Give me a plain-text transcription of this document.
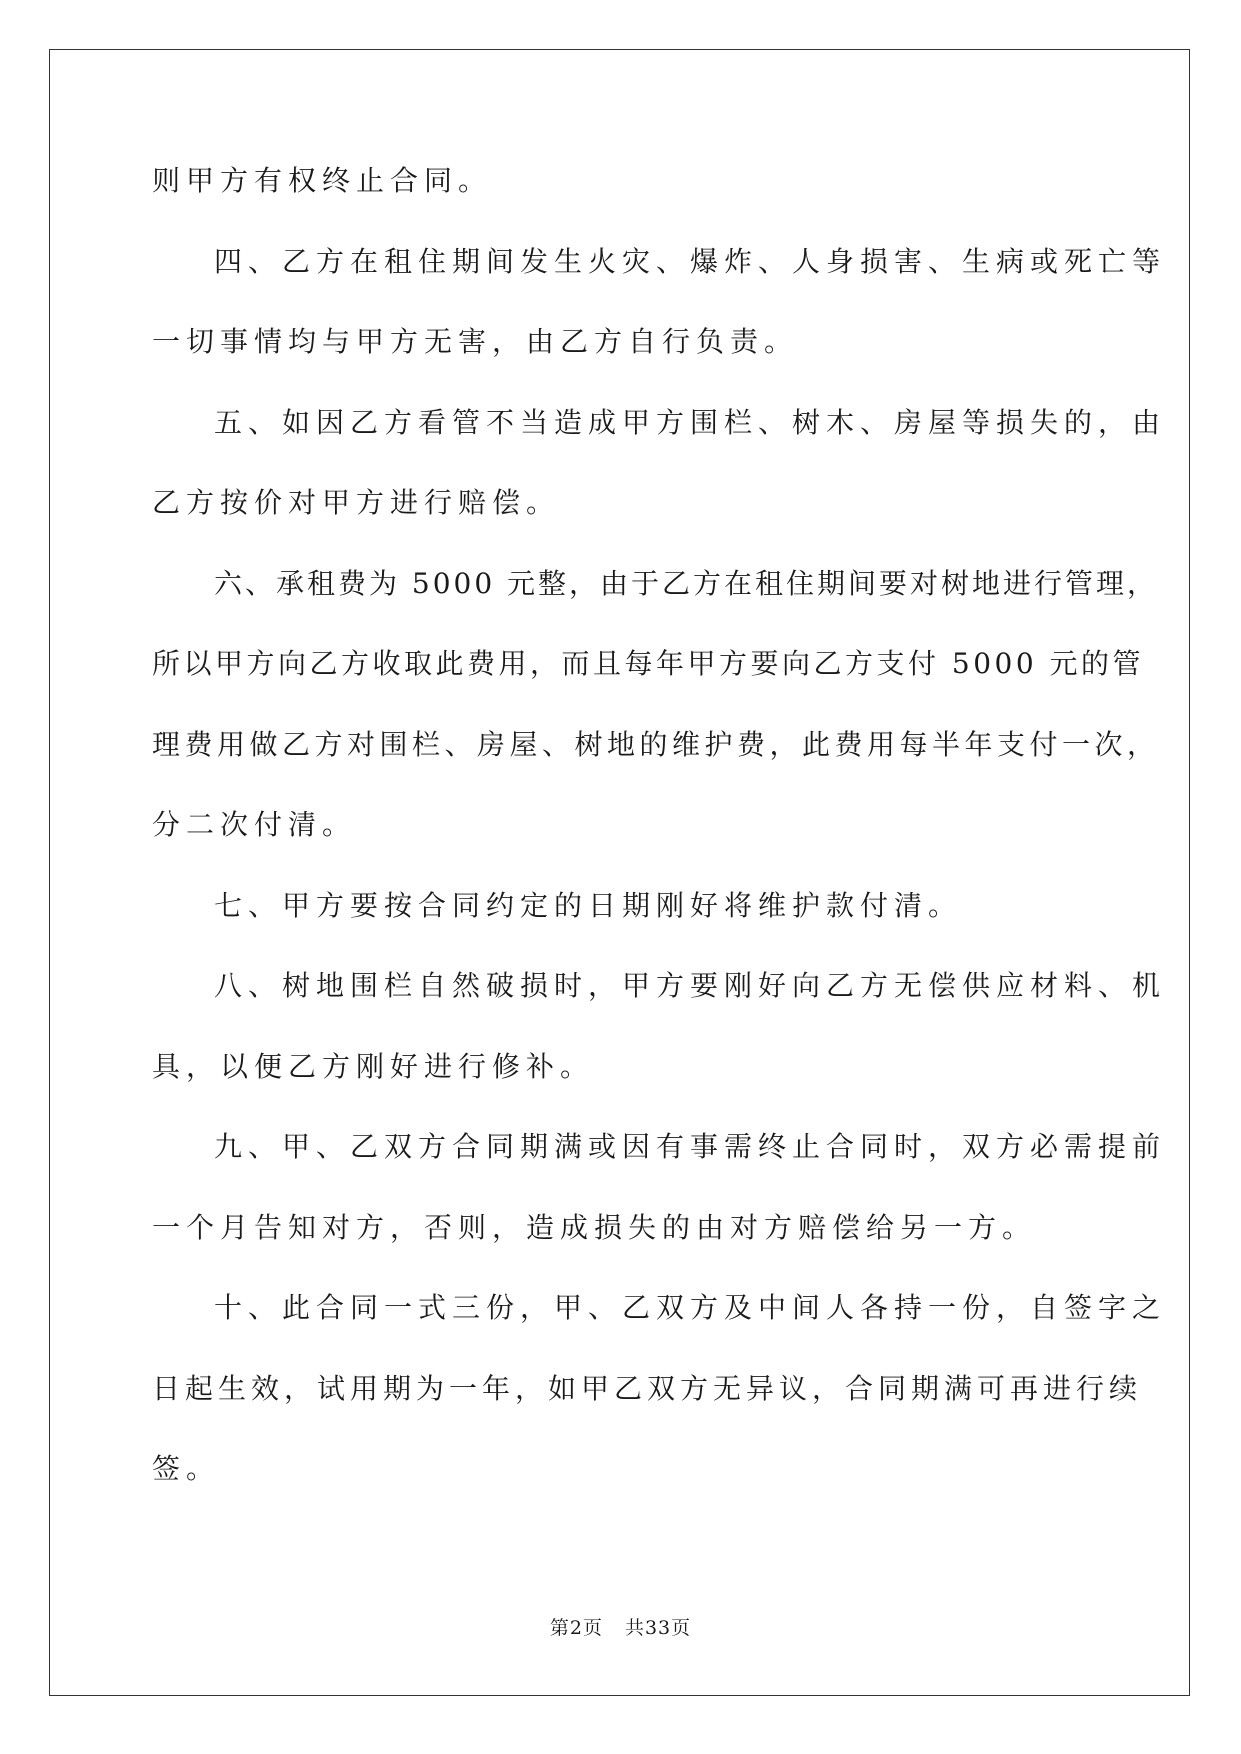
则甲方有权终止合同。
四、乙方在租住期间发生火灾、爆炸、人身损害、生病或死亡等
一切事情均与甲方无害，由乙方自行负责。
五、如因乙方看管不当造成甲方围栏、树木、房屋等损失的，由
乙方按价对甲方进行赔偿。
六、承租费为 5000 元整，由于乙方在租住期间要对树地进行管理，
所以甲方向乙方收取此费用，而且每年甲方要向乙方支付 5000 元的管
理费用做乙方对围栏、房屋、树地的维护费，此费用每半年支付一次，
分二次付清。
七、甲方要按合同约定的日期刚好将维护款付清。
八、树地围栏自然破损时，甲方要刚好向乙方无偿供应材料、机
具，以便乙方刚好进行修补。
九、甲、乙双方合同期满或因有事需终止合同时，双方必需提前
一个月告知对方，否则，造成损失的由对方赔偿给另一方。
十、此合同一式三份，甲、乙双方及中间人各持一份，自签字之
日起生效，试用期为一年，如甲乙双方无异议，合同期满可再进行续
签。
第2页 共33页
